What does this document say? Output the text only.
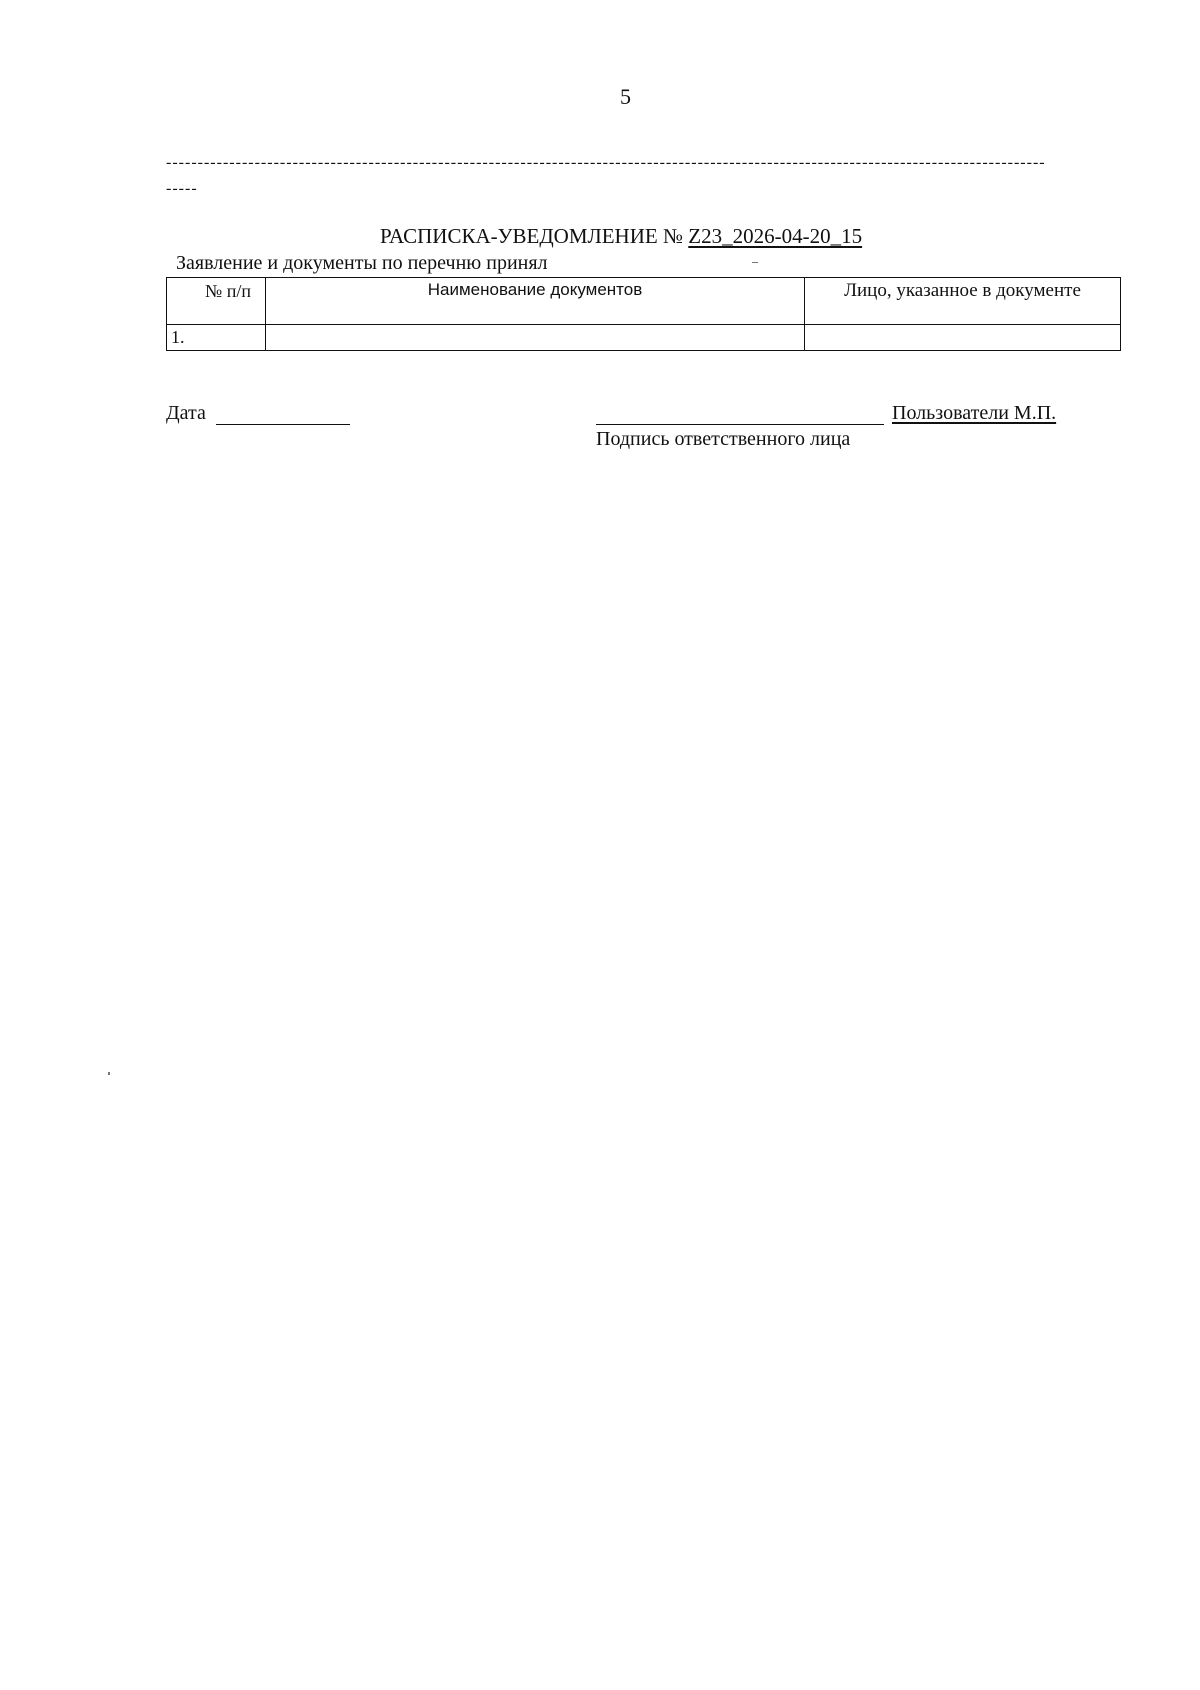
5
-------------------------------------------------------------------------------------------------------------------------------------------
-----
РАСПИСКА-УВЕДОМЛЕНИЕ № Z23_2026-04-20_15
Заявление и документы по перечню принял
№ п/п	Наименование документов	Лицо, указанное в документе
1.		
Дата	Пользователи М.П.
Подпись ответственного лица
